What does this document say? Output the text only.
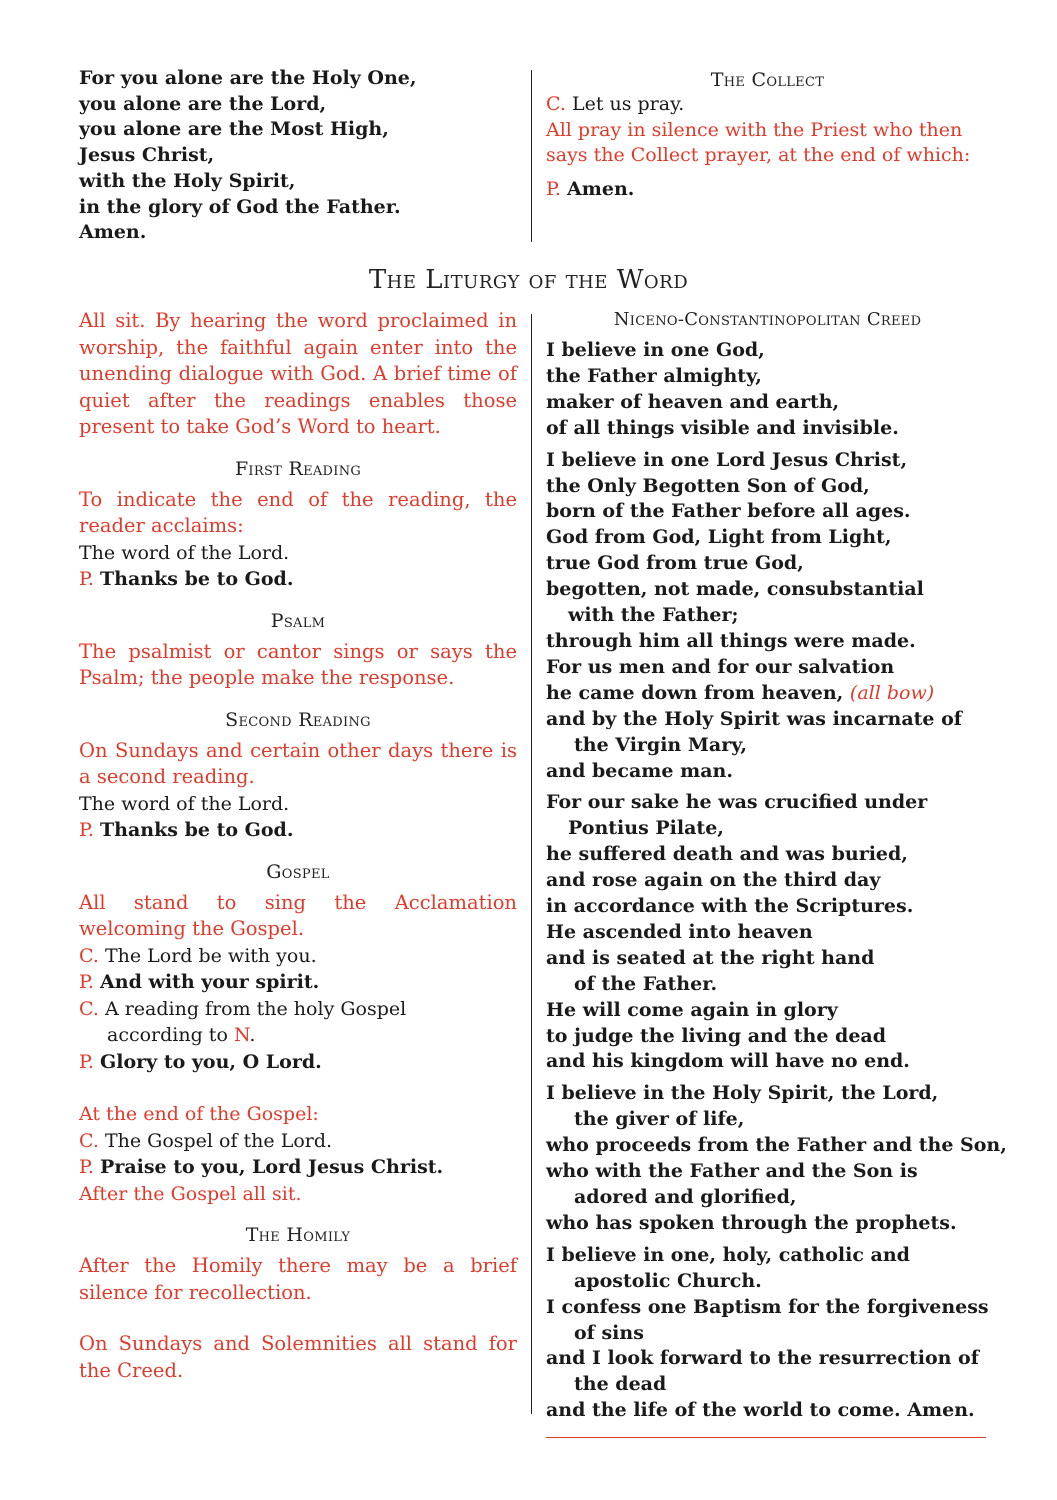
For you alone are the Holy One,
you alone are the Lord,
you alone are the Most High,
Jesus Christ,
with the Holy Spirit,
in the glory of God the Father.
Amen.
The Collect
C. Let us pray.
All pray in silence with the Priest who then
says the Collect prayer, at the end of which:
P. Amen.
The Liturgy of the Word
All sit. By hearing the word proclaimed in worship, the faithful again enter into the unending dialogue with God. A brief time of quiet after the readings enables those present to take God’s Word to heart.
First Reading
To indicate the end of the reading, the reader acclaims:
The word of the Lord.
P. Thanks be to God.
Psalm
The psalmist or cantor sings or says the Psalm; the people make the response.
Second Reading
On Sundays and certain other days there is a second reading.
The word of the Lord.
P. Thanks be to God.
Gospel
All stand to sing the Acclamation welcoming the Gospel.
C. The Lord be with you.
P. And with your spirit.
C. A reading from the holy Gospel
according to N.
P. Glory to you, O Lord.
At the end of the Gospel:
C. The Gospel of the Lord.
P. Praise to you, Lord Jesus Christ.
After the Gospel all sit.
The Homily
After the Homily there may be a brief silence for recollection.
On Sundays and Solemnities all stand for the Creed.
Niceno-Constantinopolitan Creed
I believe in one God,
the Father almighty,
maker of heaven and earth,
of all things visible and invisible.
I believe in one Lord Jesus Christ,
the Only Begotten Son of God,
born of the Father before all ages.
God from God, Light from Light,
true God from true God,
begotten, not made, consubstantial
with the Father;
through him all things were made.
For us men and for our salvation
he came down from heaven, (all bow)
and by the Holy Spirit was incarnate of
the Virgin Mary,
and became man.
For our sake he was crucified under
Pontius Pilate,
he suffered death and was buried,
and rose again on the third day
in accordance with the Scriptures.
He ascended into heaven
and is seated at the right hand
of the Father.
He will come again in glory
to judge the living and the dead
and his kingdom will have no end.
I believe in the Holy Spirit, the Lord,
the giver of life,
who proceeds from the Father and the Son,
who with the Father and the Son is
adored and glorified,
who has spoken through the prophets.
I believe in one, holy, catholic and
apostolic Church.
I confess one Baptism for the forgiveness
of sins
and I look forward to the resurrection of
the dead
and the life of the world to come. Amen.
